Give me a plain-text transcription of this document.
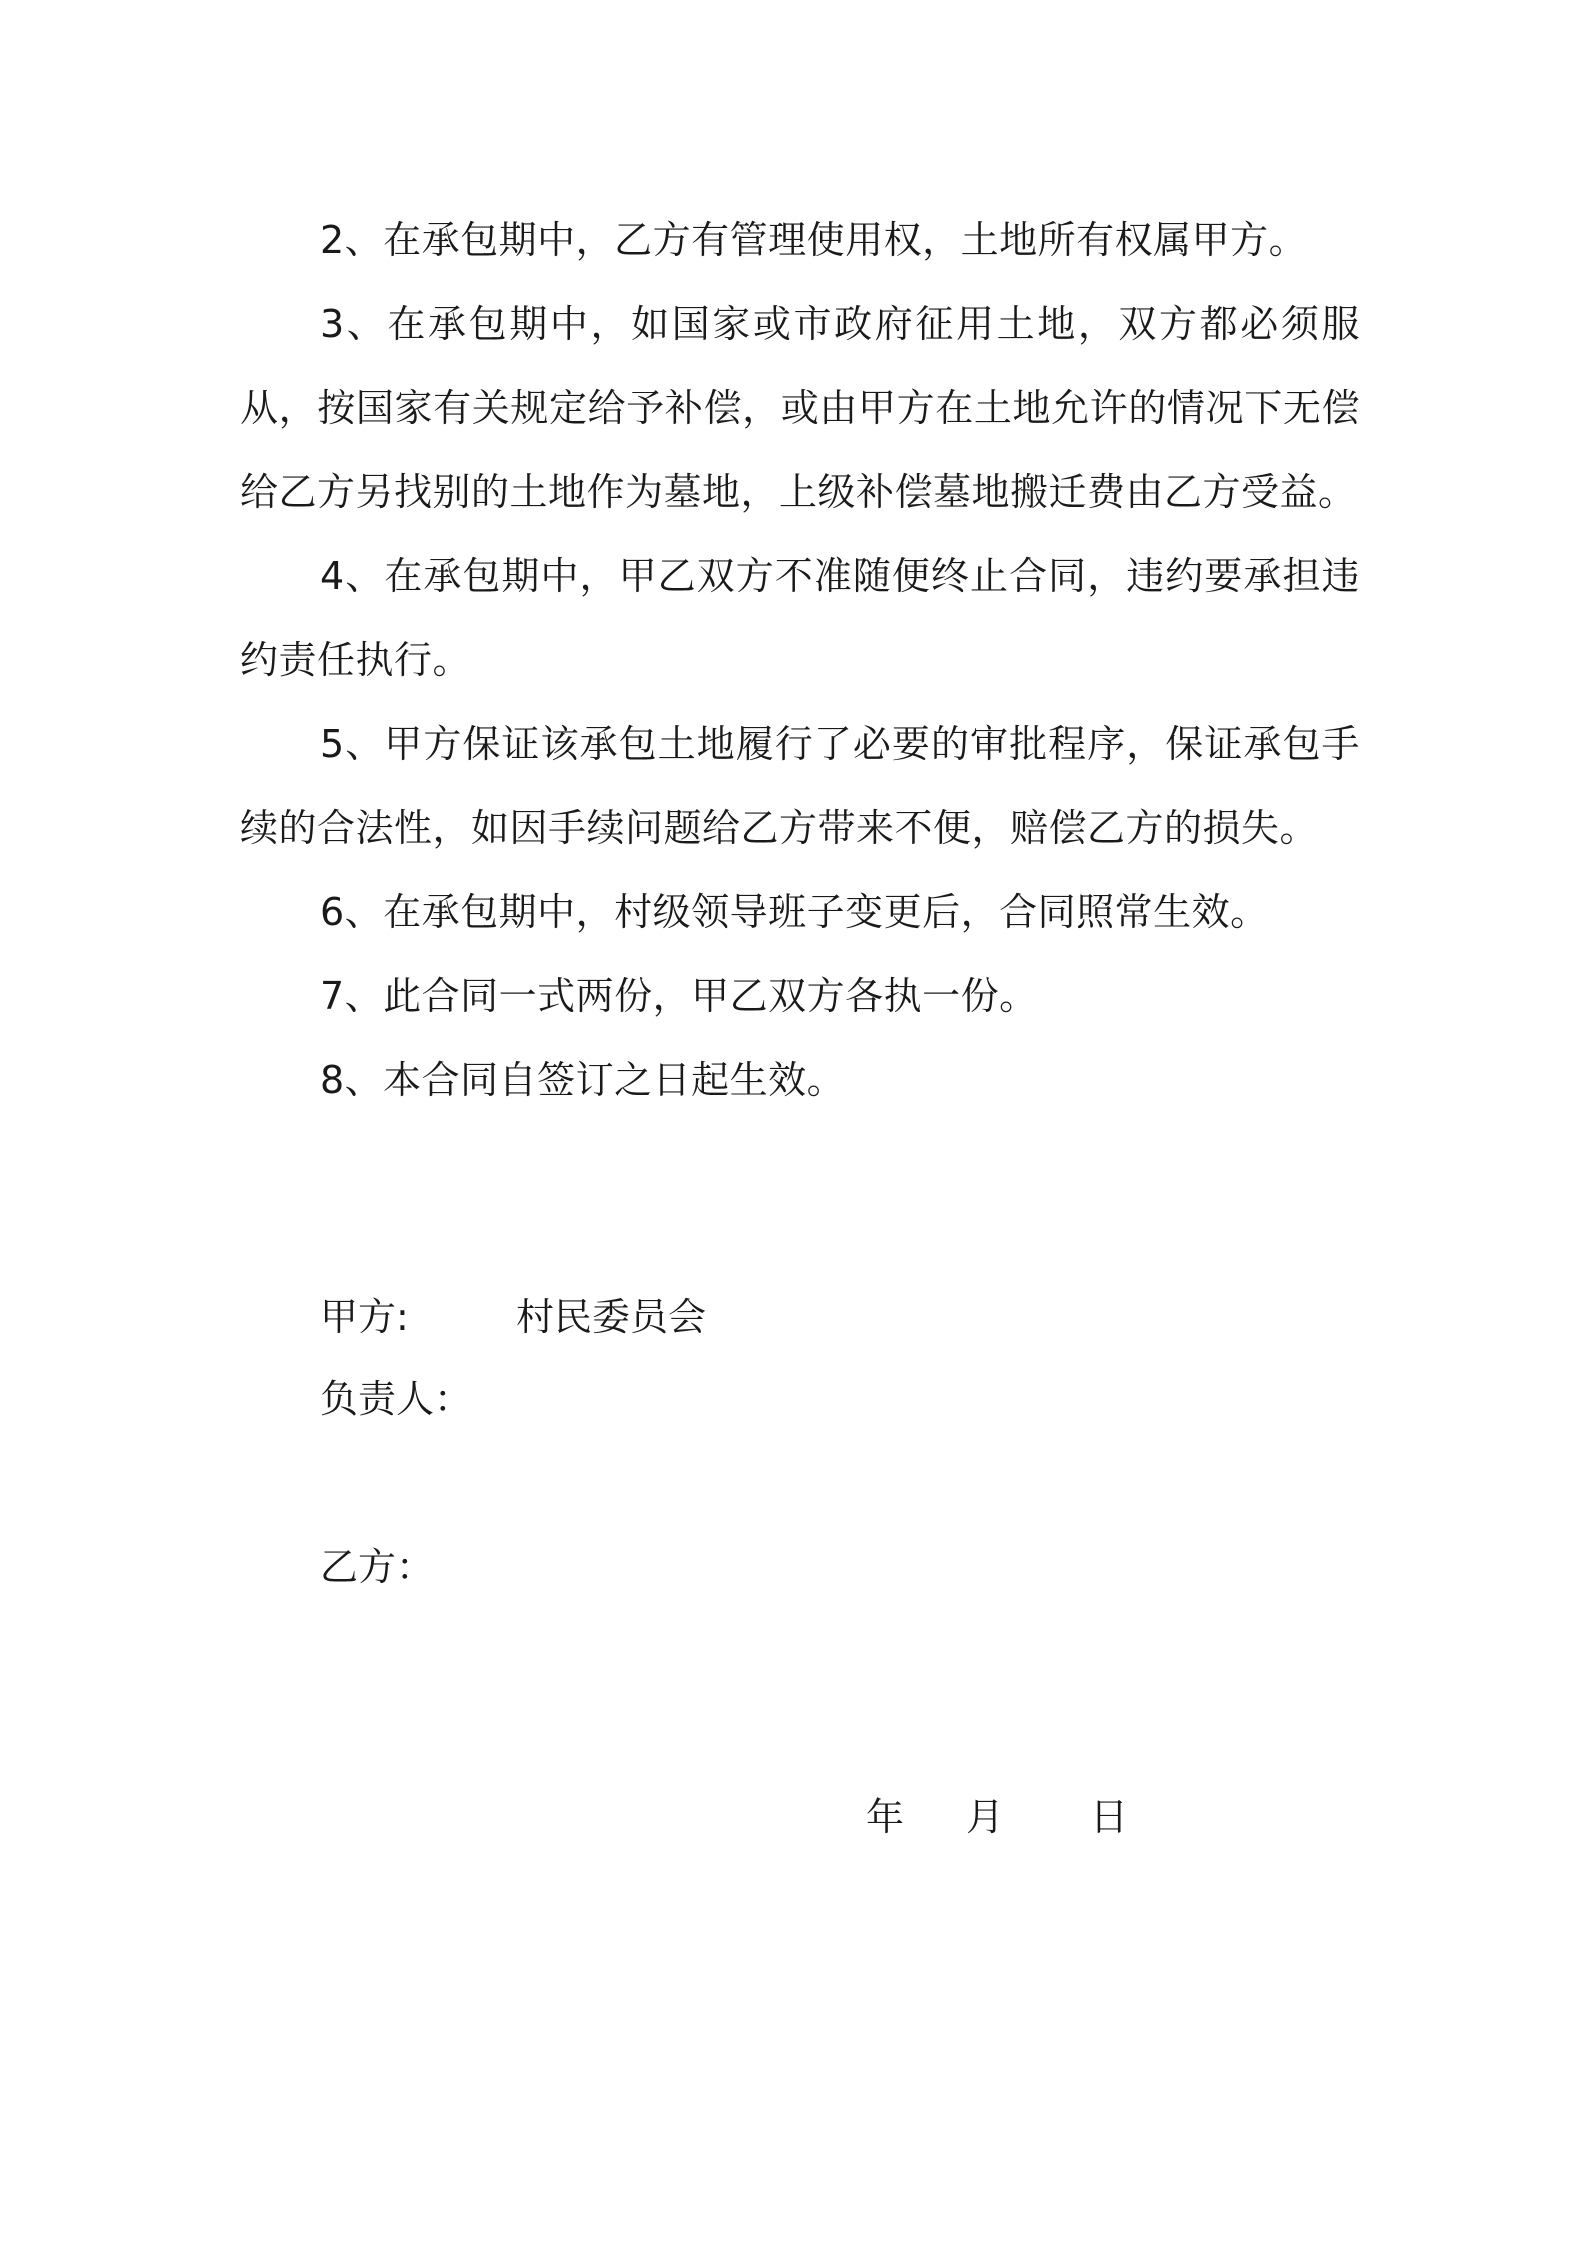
2、在承包期中，乙方有管理使用权，土地所有权属甲方。

3、在承包期中，如国家或市政府征用土地，双方都必须服从，按国家有关规定给予补偿，或由甲方在土地允许的情况下无偿给乙方另找别的土地作为墓地，上级补偿墓地搬迁费由乙方受益。

4、在承包期中，甲乙双方不准随便终止合同，违约要承担违约责任执行。

5、甲方保证该承包土地履行了必要的审批程序，保证承包手续的合法性，如因手续问题给乙方带来不便，赔偿乙方的损失。

6、在承包期中，村级领导班子变更后，合同照常生效。

7、此合同一式两份，甲乙双方各执一份。

8、本合同自签订之日起生效。

甲方:	村民委员会
负责人：
乙方：
年 月 日
